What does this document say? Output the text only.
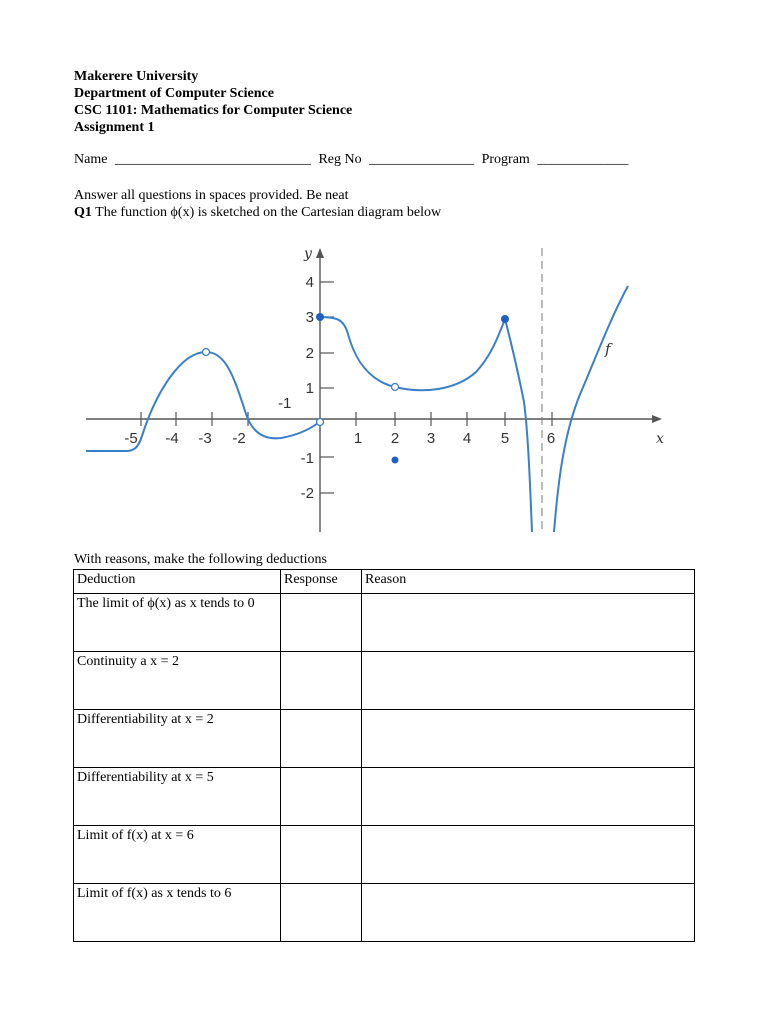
Makerere University
Department of Computer Science
CSC 1101: Mathematics for Computer Science
Assignment 1
Name ____________________________ Reg No _______________ Program _____________
Answer all questions in spaces provided. Be neat
Q1 The function ϕ(x) is sketched on the Cartesian diagram below
-5 -4 -3 -2	1 2 3 4 5	6
4
3
2
1
-1
-2
-1
y
x
f
With reasons, make the following deductions
Deduction	Response	Reason
The limit of ϕ(x) as x tends to 0		
Continuity a x = 2		
Differentiability at x = 2		
Differentiability at x = 5		
Limit of f(x) at x = 6		
Limit of f(x) as x tends to 6		
